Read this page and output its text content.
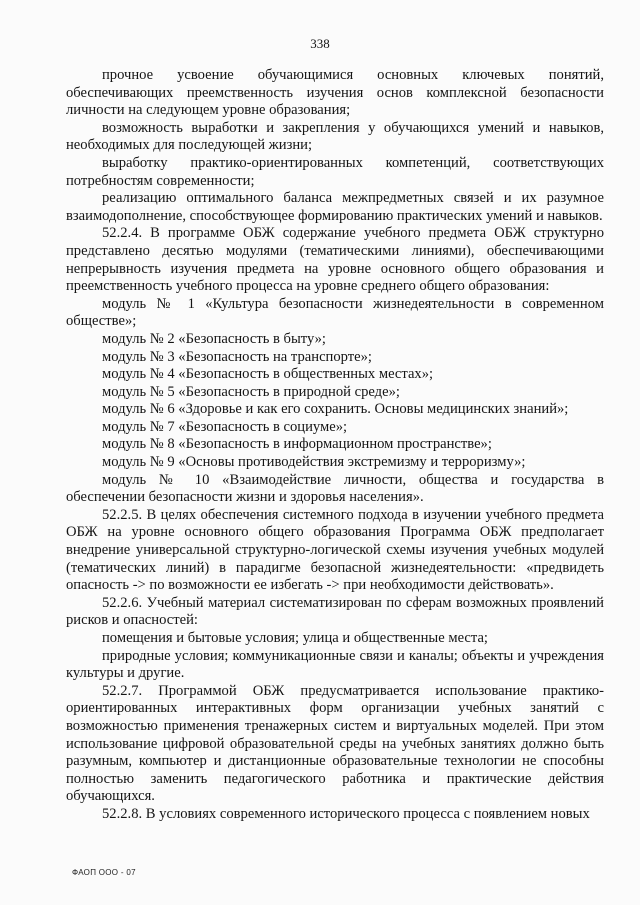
338

прочное усвоение обучающимися основных ключевых понятий, обеспечивающих преемственность изучения основ комплексной безопасности личности на следующем уровне образования;

возможность выработки и закрепления у обучающихся умений и навыков, необходимых для последующей жизни;

выработку практико-ориентированных компетенций, соответствующих потребностям современности;

реализацию оптимального баланса межпредметных связей и их разумное взаимодополнение, способствующее формированию практических умений и навыков.

52.2.4. В программе ОБЖ содержание учебного предмета ОБЖ структурно представлено десятью модулями (тематическими линиями), обеспечивающими непрерывность изучения предмета на уровне основного общего образования и преемственность учебного процесса на уровне среднего общего образования:

модуль № 1 «Культура безопасности жизнедеятельности в современном обществе»;

модуль № 2 «Безопасность в быту»;

модуль № 3 «Безопасность на транспорте»;

модуль № 4 «Безопасность в общественных местах»;

модуль № 5 «Безопасность в природной среде»;

модуль № 6 «Здоровье и как его сохранить. Основы медицинских знаний»;

модуль № 7 «Безопасность в социуме»;

модуль № 8 «Безопасность в информационном пространстве»;

модуль № 9 «Основы противодействия экстремизму и терроризму»;

модуль № 10 «Взаимодействие личности, общества и государства в обеспечении безопасности жизни и здоровья населения».

52.2.5. В целях обеспечения системного подхода в изучении учебного предмета ОБЖ на уровне основного общего образования Программа ОБЖ предполагает внедрение универсальной структурно-логической схемы изучения учебных модулей (тематических линий) в парадигме безопасной жизнедеятельности: «предвидеть опасность -> по возможности ее избегать -> при необходимости действовать».

52.2.6. Учебный материал систематизирован по сферам возможных проявлений рисков и опасностей:

помещения и бытовые условия; улица и общественные места;

природные условия; коммуникационные связи и каналы; объекты и учреждения культуры и другие.

52.2.7. Программой ОБЖ предусматривается использование практико-ориентированных интерактивных форм организации учебных занятий с возможностью применения тренажерных систем и виртуальных моделей. При этом использование цифровой образовательной среды на учебных занятиях должно быть разумным, компьютер и дистанционные образовательные технологии не способны полностью заменить педагогического работника и практические действия обучающихся.

52.2.8. В условиях современного исторического процесса с появлением новых

ФАОП ООО - 07
